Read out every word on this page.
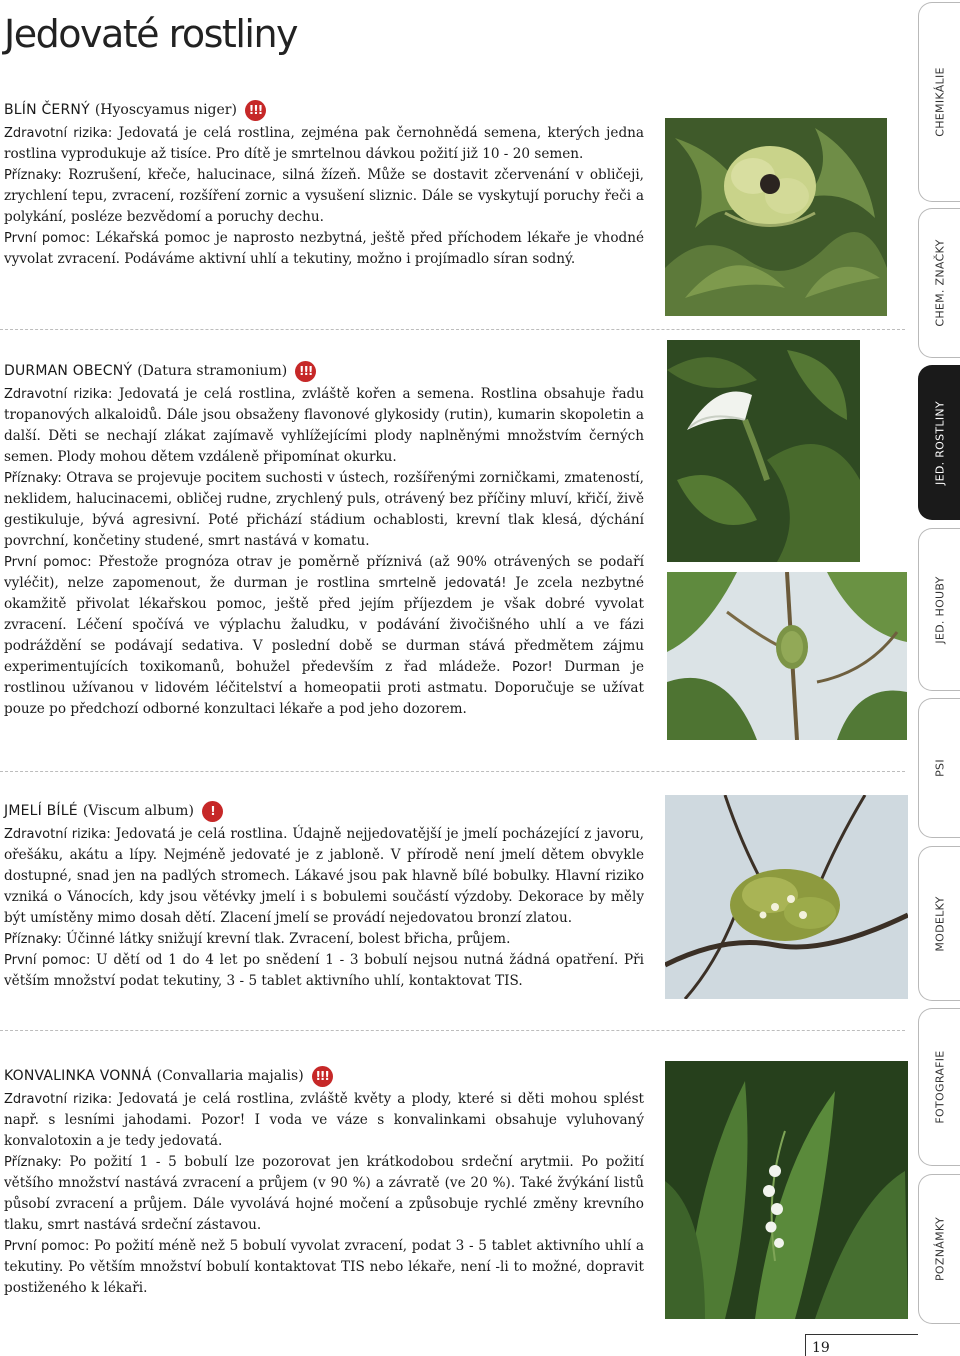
Jedovaté rostliny
BLÍN ČERNÝ (Hyoscyamus niger) !!!

Zdravotní rizika: Jedovatá je celá rostlina, zejména pak černohnědá semena, kterých jedna rostlina vyprodukuje až tisíce. Pro dítě je smrtelnou dávkou požití již 10 - 20 semen.

Příznaky: Rozrušení, křeče, halucinace, silná žízeň. Může se dostavit zčervenání v obličeji, zrychlení tepu, zvracení, rozšíření zornic a vysušení sliznic. Dále se vyskytují poruchy řeči a polykání, posléze bezvědomí a poruchy dechu.

První pomoc: Lékařská pomoc je naprosto nezbytná, ještě před příchodem lékaře je vhodné vyvolat zvracení. Podáváme aktivní uhlí a tekutiny, možno i projímadlo síran sodný.

DURMAN OBECNÝ (Datura stramonium) !!!

Zdravotní rizika: Jedovatá je celá rostlina, zvláště kořen a semena. Rostlina obsahuje řadu tropanových alkaloidů. Dále jsou obsaženy flavonové glykosidy (rutin), kumarin skopoletin a další. Děti se nechají zlákat zajímavě vyhlížejícími plody naplněnými množstvím černých semen. Plody mohou dětem vzdáleně připomínat okurku.

Příznaky: Otrava se projevuje pocitem suchosti v ústech, rozšířenými zorničkami, zmateností, neklidem, halucinacemi, obličej rudne, zrychlený puls, otrávený bez příčiny mluví, křičí, živě gestikuluje, bývá agresivní. Poté přichází stádium ochablosti, krevní tlak klesá, dýchání povrchní, končetiny studené, smrt nastává v komatu.

První pomoc: Přestože prognóza otrav je poměrně příznivá (až 90% otrávených se podaří vyléčit), nelze zapomenout, že durman je rostlina smrtelně jedovatá! Je zcela nezbytné okamžitě přivolat lékařskou pomoc, ještě před jejím příjezdem je však dobré vyvolat zvracení. Léčení spočívá ve výplachu žaludku, v podávání živočišného uhlí a ve fázi podráždění se podávají sedativa. V poslední době se durman stává předmětem zájmu experimentujících toxikomanů, bohužel především z řad mládeže. Pozor! Durman je rostlinou užívanou v lidovém léčitelství a homeopatii proti astmatu. Doporučuje se užívat pouze po předchozí odborné konzultaci lékaře a pod jeho dozorem.

JMELÍ BÍLÉ (Viscum album)	!

Zdravotní rizika: Jedovatá je celá rostlina. Údajně nejjedovatější je jmelí pocházející z javoru, ořešáku, akátu a lípy. Nejméně jedovaté je z jabloně. V přírodě není jmelí dětem obvykle dostupné, snad jen na padlých stromech. Lákavé jsou pak hlavně bílé bobulky. Hlavní riziko vzniká o Vánocích, kdy jsou větévky jmelí i s bobulemi součástí výzdoby. Dekorace by měly být umístěny mimo dosah dětí. Zlacení jmelí se provádí nejedovatou bronzí zlatou.

Příznaky: Účinné látky snižují krevní tlak. Zvracení, bolest břicha, průjem.

První pomoc: U dětí od 1 do 4 let po snědení 1 - 3 bobulí nejsou nutná žádná opatření. Při větším množství podat tekutiny, 3 - 5 tablet aktivního uhlí, kontaktovat TIS.

KONVALINKA VONNÁ (Convallaria majalis) !!!

Zdravotní rizika: Jedovatá je celá rostlina, zvláště květy a plody, které si děti mohou splést např. s lesními jahodami. Pozor! I voda ve váze s konvalinkami obsahuje vyluhovaný konvalotoxin a je tedy jedovatá.

Příznaky: Po požití 1 - 5 bobulí lze pozorovat jen krátkodobou srdeční arytmii. Po požití většího množství nastává zvracení a průjem (v 90 %) a závratě (ve 20 %). Také žvýkání listů působí zvracení a průjem. Dále vyvolává hojné močení a způsobuje rychlé změny krevního tlaku, smrt nastává srdeční zástavou.

První pomoc: Po požití méně než 5 bobulí vyvolat zvracení, podat 3 - 5 tablet aktivního uhlí a tekutiny. Po větším množství bobulí kontaktovat TIS nebo lékaře, není -li to možné, dopravit postiženého k lékaři.

CHEMIKÁLIE
CHEM. ZNAČKY
JED. ROSTLINY
JED. HOUBY
PSI
MODELKY
FOTOGRAFIE
POZNÁMKY
19
